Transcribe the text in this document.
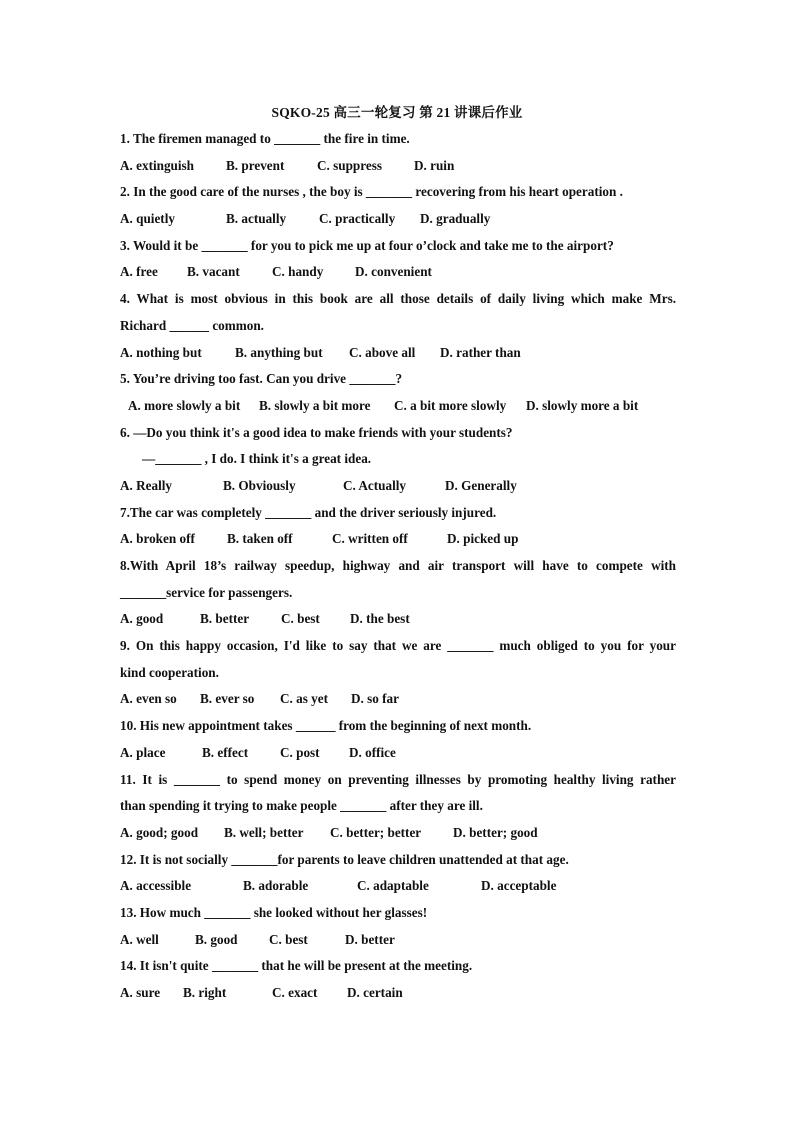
SQKO-25 高三一轮复习 第 21 讲课后作业
1. The firemen managed to _______ the fire in time.
A. extinguish	B. prevent	C. suppress	D. ruin
2. In the good care of the nurses , the boy is _______ recovering from his heart operation .
A. quietly	B. actually	C. practically	D. gradually
3. Would it be _______ for you to pick me up at four o’clock and take me to the airport?
A. free	B. vacant	C. handy	D. convenient
4. What is most obvious in this book are all those details of daily living which make Mrs.
Richard ______ common.
A. nothing but	B. anything but	C. above all	D. rather than
5. You’re driving too fast. Can you drive _______?
A. more slowly a bit	B. slowly a bit more	C. a bit more slowly	D. slowly more a bit
6. —Do you think it's a good idea to make friends with your students?
—_______ , I do. I think it's a great idea.
A. Really	B. Obviously	C. Actually	D. Generally
7.The car was completely _______ and the driver seriously injured.
A. broken off	B. taken off	C. written off	D. picked up
8.With April 18’s railway speedup, highway and air transport will have to compete with
_______service for passengers.
A. good	B. better	C. best	D. the best
9. On this happy occasion, I'd like to say that we are _______ much obliged to you for your
kind cooperation.
A. even so	B. ever so	C. as yet	D. so far
10. His new appointment takes ______ from the beginning of next month.
A. place	B. effect	C. post	D. office
11. It is _______ to spend money on preventing illnesses by promoting healthy living rather
than spending it trying to make people _______ after they are ill.
A. good; good	B. well; better	C. better; better	D. better; good
12. It is not socially _______for parents to leave children unattended at that age.
A. accessible	B. adorable	C. adaptable	D. acceptable
13. How much _______ she looked without her glasses!
A. well	B. good	C. best	D. better
14. It isn't quite _______ that he will be present at the meeting.
A. sure	B. right	C. exact	D. certain
